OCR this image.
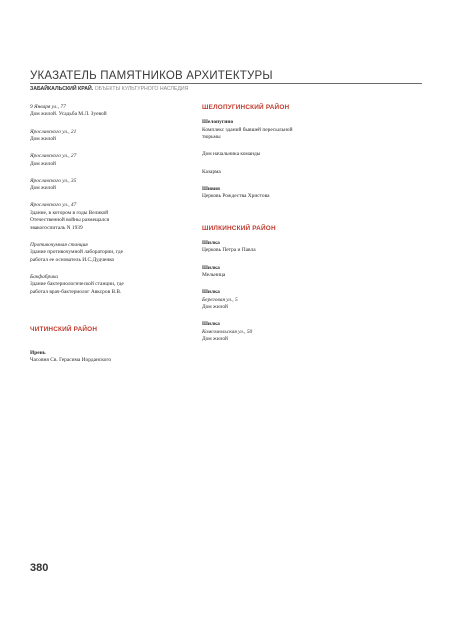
УКАЗАТЕЛЬ ПАМЯТНИКОВ АРХИТЕКТУРЫ
ЗАБАЙКАЛЬСКИЙ КРАЙ. ОБЪЕКТЫ КУЛЬТУРНОГО НАСЛЕДИЯ
9 Января ул., 77
Дом жилой. Усадьба М.Л. Зуевой
Ярославского ул., 21
Дом жилой
Ярославского ул., 27
Дом жилой
Ярославского ул., 35
Дом жилой
Ярославского ул., 47
Здание, в котором в годы Великой
Отечественной войны размещался
эвакогоспиталь N 1939
Противочумная станция
Здание противочумной лаборатории, где
работал ее основатель И.С.Дудченко
Бакфабрика
Здание бактериологической станции, где
работал врач-бактериолог Авксров В.В.
ЧИТИНСКИЙ РАЙОН
Ирень
Часовня Св. Герасима Иорданского
ШЕЛОПУГИНСКИЙ РАЙОН
Шелопугино
Комплекс зданий бывшей пересыльной
тюрьмы
Дом начальника команды
Казарма
Шивия
Церковь Рождества Христова
ШИЛКИНСКИЙ РАЙОН
Шилка
Церковь Петра и Павла
Шилка
Мельница
Шилка
Береговая ул., 5
Дом жилой
Шилка
Комсомольская ул., 50
Дом жилой
380
